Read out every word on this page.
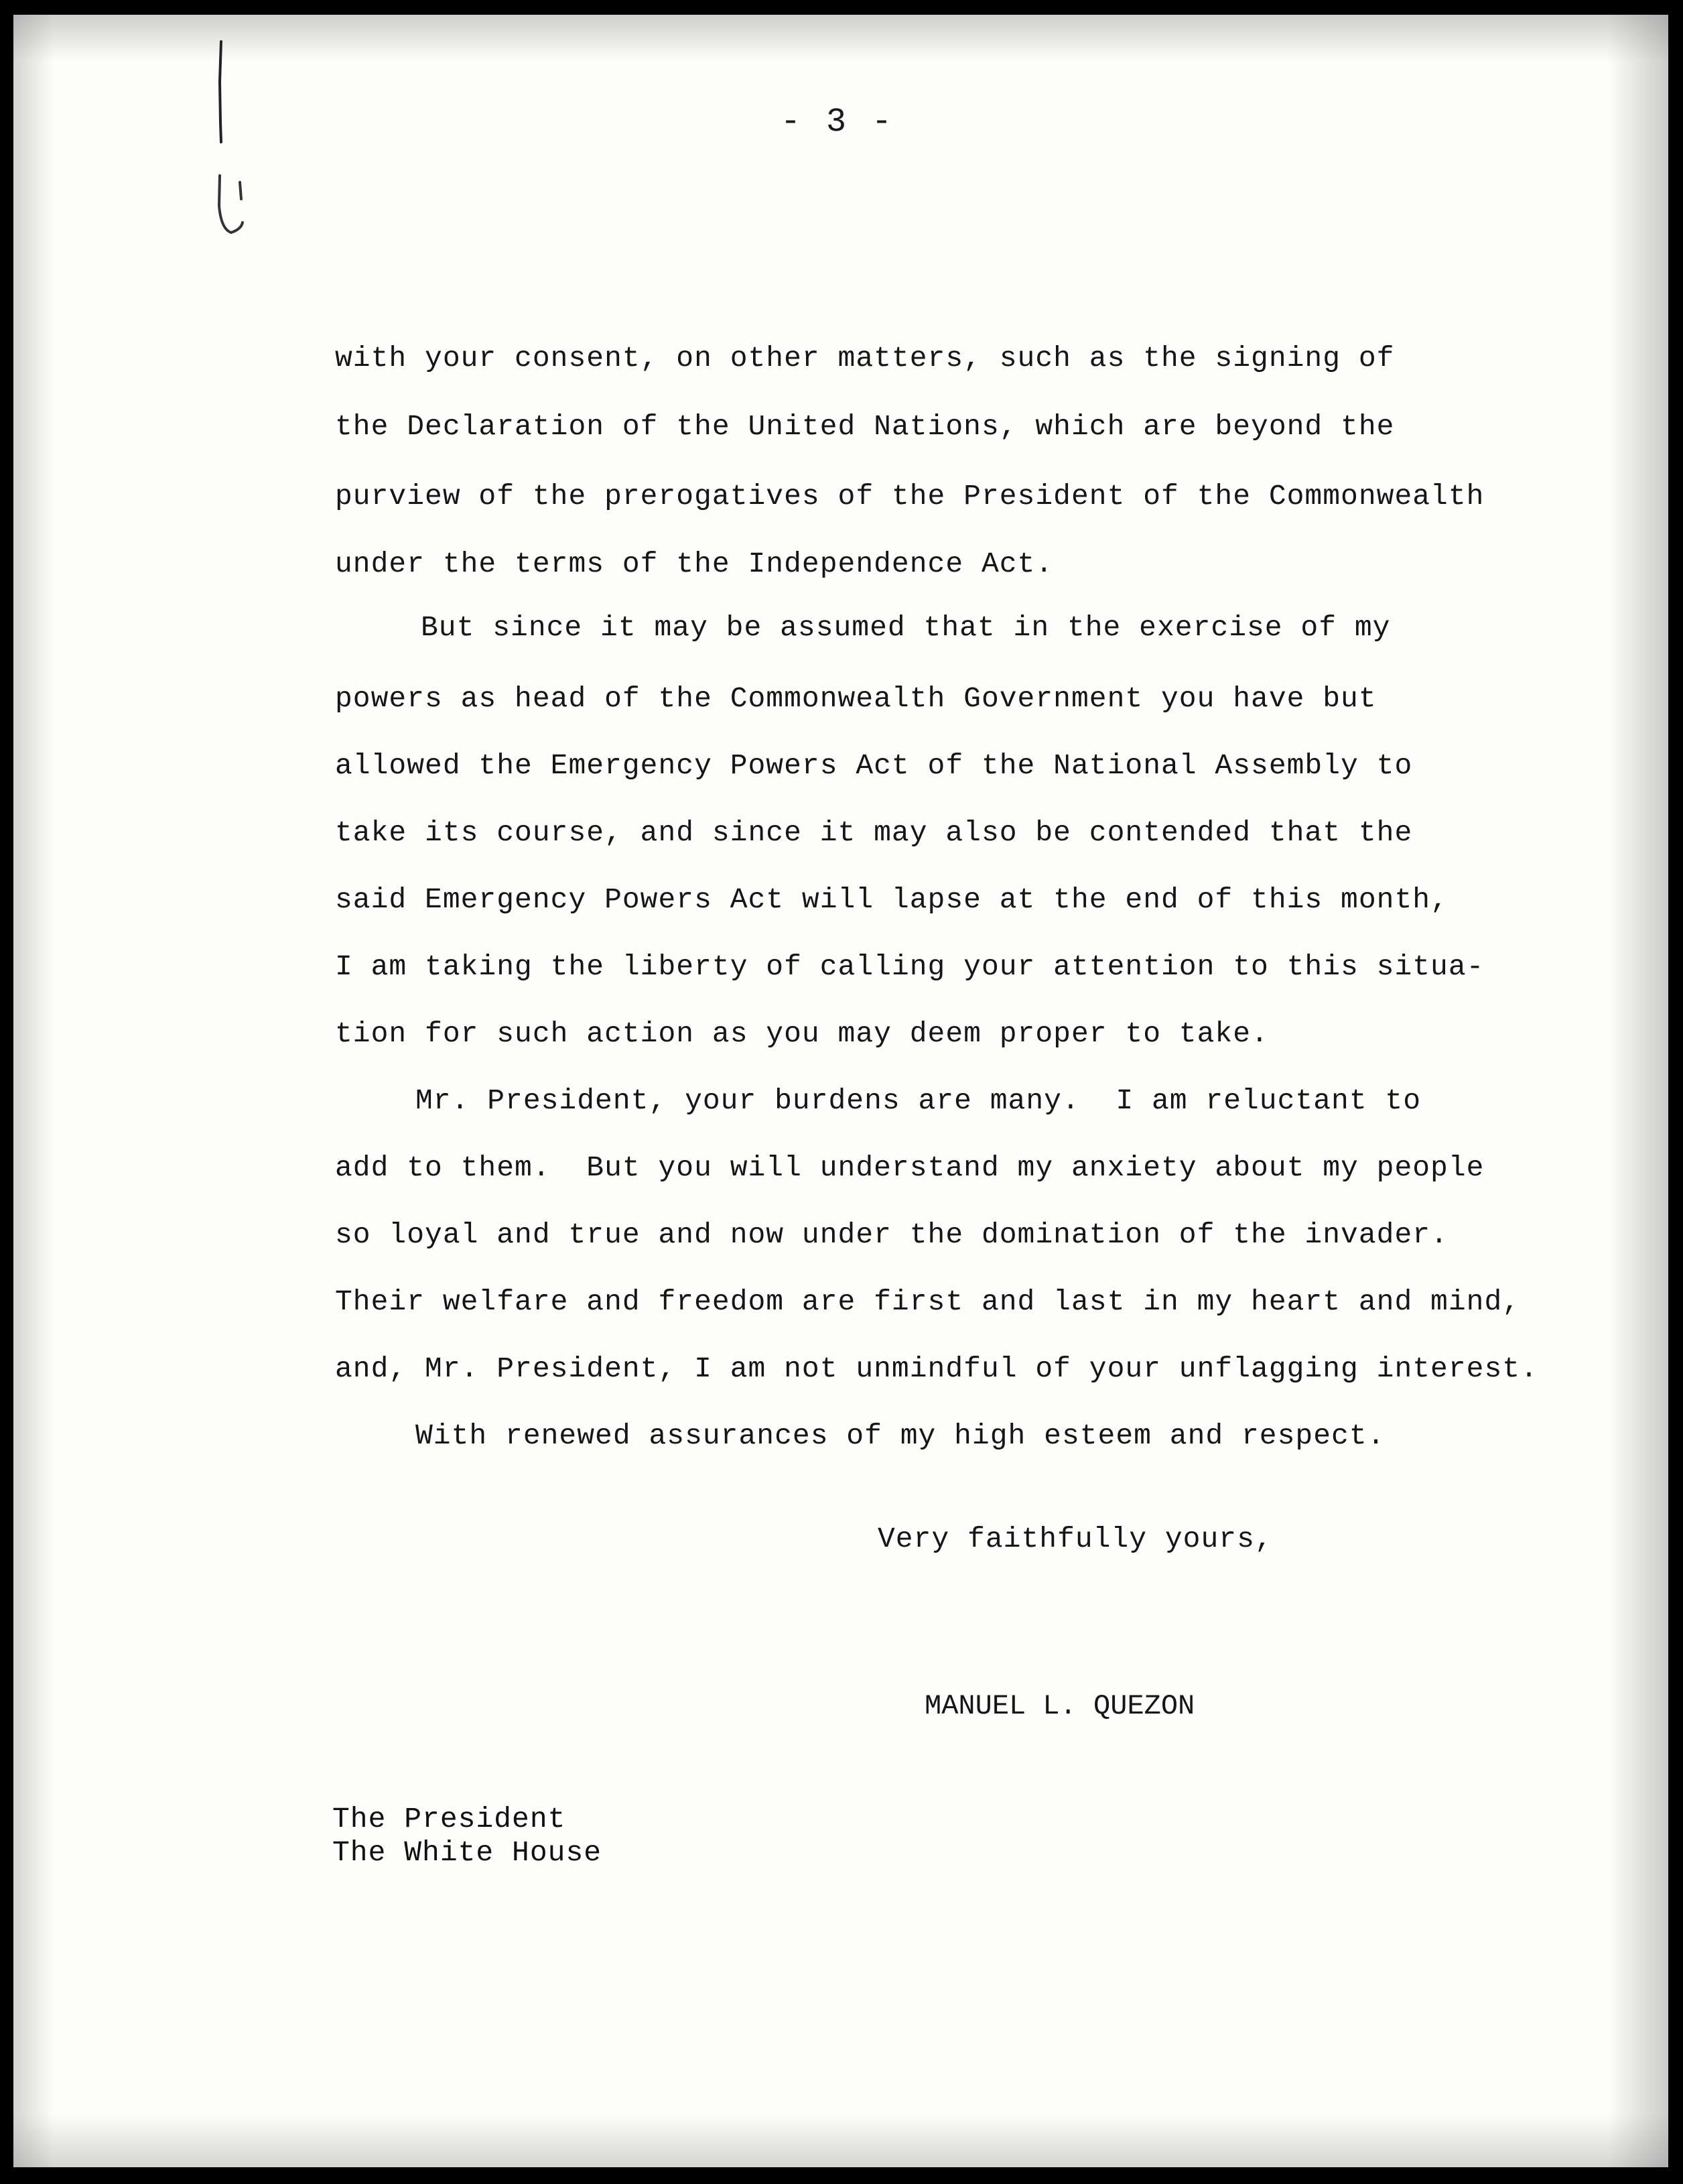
- 3 -
with your consent, on other matters, such as the signing of
the Declaration of the United Nations, which are beyond the
purview of the prerogatives of the President of the Commonwealth
under the terms of the Independence Act.
But since it may be assumed that in the exercise of my
powers as head of the Commonwealth Government you have but
allowed the Emergency Powers Act of the National Assembly to
take its course, and since it may also be contended that the
said Emergency Powers Act will lapse at the end of this month,
I am taking the liberty of calling your attention to this situa-
tion for such action as you may deem proper to take.
Mr. President, your burdens are many.  I am reluctant to
add to them.  But you will understand my anxiety about my people
so loyal and true and now under the domination of the invader.
Their welfare and freedom are first and last in my heart and mind,
and, Mr. President, I am not unmindful of your unflagging interest.
With renewed assurances of my high esteem and respect.
Very faithfully yours,
MANUEL L. QUEZON
The President
The White House
